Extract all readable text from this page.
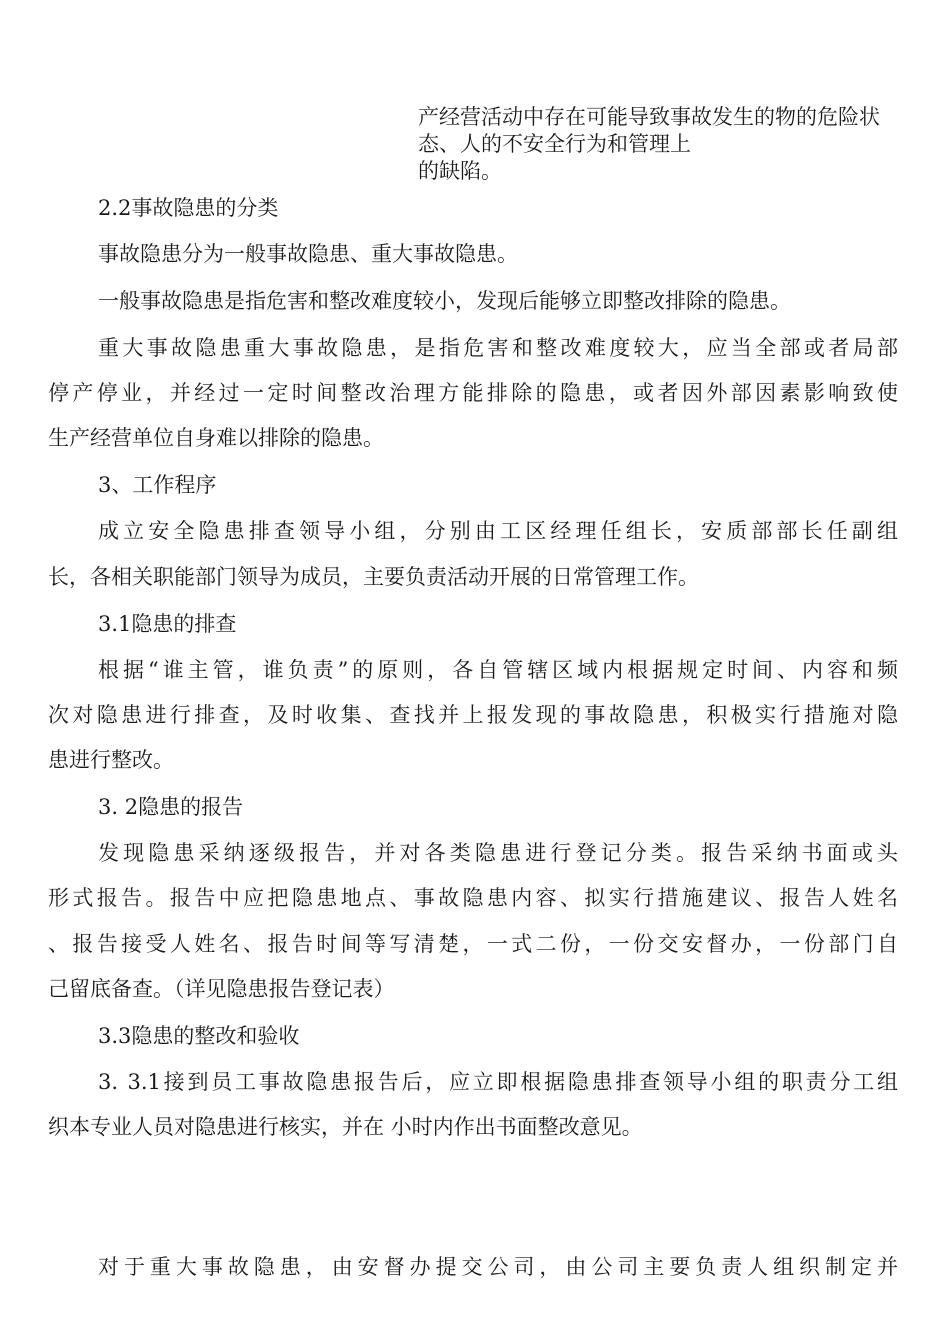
产经营活动中存在可能导致事故发生的物的危险状
态、人的不安全行为和管理上
的缺陷。
2.2事故隐患的分类
事故隐患分为一般事故隐患、重大事故隐患。
一般事故隐患是指危害和整改难度较小，发现后能够立即整改排除的隐患。
重大事故隐患重大事故隐患，是指危害和整改难度较大，应当全部或者局部
停产停业，并经过一定时间整改治理方能排除的隐患，或者因外部因素影响致使
生产经营单位自身难以排除的隐患。
3、工作程序
成立安全隐患排查领导小组，分别由工区经理任组长，安质部部长任副组
长，各相关职能部门领导为成员，主要负责活动开展的日常管理工作。
3.1隐患的排查
根据“谁主管，谁负责”的原则，各自管辖区域内根据规定时间、内容和频
次对隐患进行排查，及时收集、查找并上报发现的事故隐患，积极实行措施对隐
患进行整改。
3. 2隐患的报告
发现隐患采纳逐级报告，并对各类隐患进行登记分类。报告采纳书面或头
形式报告。报告中应把隐患地点、事故隐患内容、拟实行措施建议、报告人姓名
、报告接受人姓名、报告时间等写清楚，一式二份，一份交安督办，一份部门自
己留底备查。（详见隐患报告登记表）
3.3隐患的整改和验收
3. 3.1接到员工事故隐患报告后，应立即根据隐患排查领导小组的职责分工组
织本专业人员对隐患进行核实，并在 小时内作出书面整改意见。
对于重大事故隐患，由安督办提交公司，由公司主要负责人组织制定并
